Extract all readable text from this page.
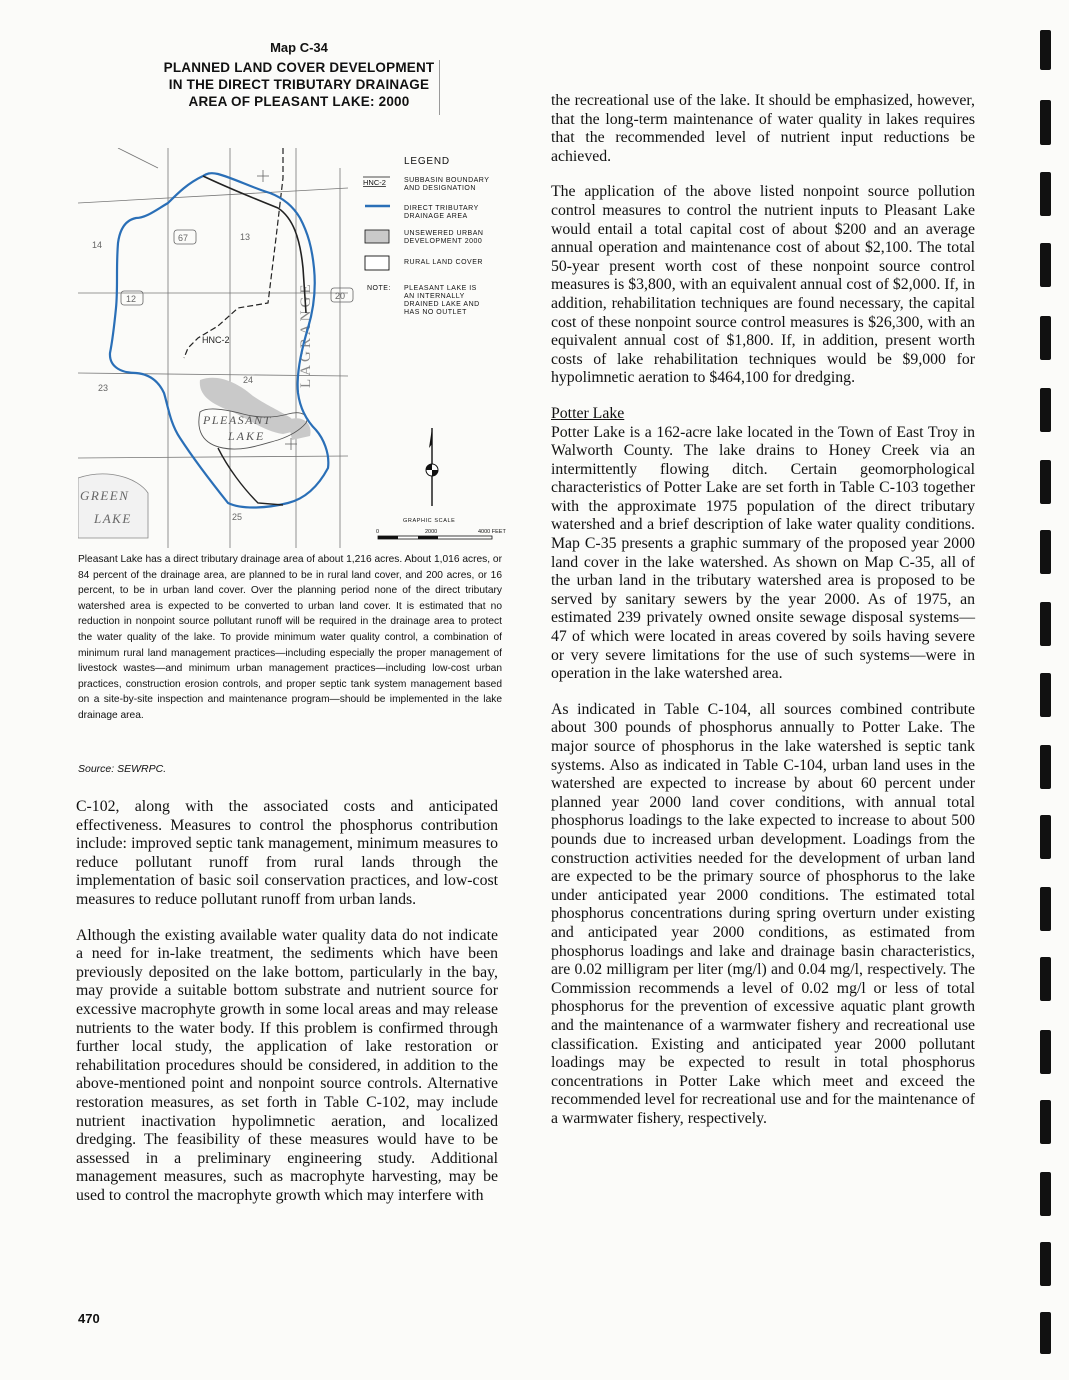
Map C-34
PLANNED LAND COVER DEVELOPMENT
IN THE DIRECT TRIBUTARY DRAINAGE
AREA OF PLEASANT LAKE: 2000
67
12	20
14
13
24
23
25
PLEASANT
LAKE
GREEN
LAKE
LAGRANGE
HNC-2
LEGEND
HNC-2	SUBBASIN BOUNDARY
AND DESIGNATION
DIRECT TRIBUTARY
DRAINAGE AREA
UNSEWERED URBAN
DEVELOPMENT 2000
RURAL LAND COVER
NOTE: PLEASANT LAKE IS
AN INTERNALLY
DRAINED LAKE AND
HAS NO OUTLET
GRAPHIC SCALE
0	2000	4000 FEET
Pleasant Lake has a direct tributary drainage area of about 1,216 acres. About 1,016 acres, or 84 percent of the drainage area, are planned to be in rural land cover, and 200 acres, or 16 percent, to be in urban land cover. Over the planning period none of the direct tributary watershed area is expected to be converted to urban land cover. It is estimated that no reduction in nonpoint source pollutant runoff will be required in the drainage area to protect the water quality of the lake. To provide minimum water quality control, a combination of minimum rural land management practices—including especially the proper management of livestock wastes—and minimum urban management practices—including low-cost urban practices, construction erosion controls, and proper septic tank system management based on a site-by-site inspection and maintenance program—should be implemented in the lake drainage area.
Source: SEWRPC.

C-102, along with the associated costs and anticipated effectiveness. Measures to control the phosphorus contribution include: improved septic tank management, minimum measures to reduce pollutant runoff from rural lands through the implementation of basic soil conservation practices, and low-cost measures to reduce pollutant runoff from urban lands.

Although the existing available water quality data do not indicate a need for in-lake treatment, the sediments which have been previously deposited on the lake bottom, particularly in the bay, may provide a suitable bottom substrate and nutrient source for excessive macrophyte growth in some local areas and may release nutrients to the water body. If this problem is confirmed through further local study, the application of lake restoration or rehabilitation procedures should be considered, in addition to the above-mentioned point and nonpoint source controls. Alternative restoration measures, as set forth in Table C-102, may include nutrient inactivation hypolimnetic aeration, and localized dredging. The feasibility of these measures would have to be assessed in a preliminary engineering study. Additional management measures, such as macrophyte harvesting, may be used to control the macrophyte growth which may interfere with

the recreational use of the lake. It should be emphasized, however, that the long-term maintenance of water quality in lakes requires that the recommended level of nutrient input reductions be achieved.

The application of the above listed nonpoint source pollution control measures to control the nutrient inputs to Pleasant Lake would entail a total capital cost of about $200 and an average annual operation and maintenance cost of about $2,100. The total 50-year present worth cost of these nonpoint source control measures is $3,800, with an equivalent annual cost of $2,000. If, in addition, rehabilitation techniques are found necessary, the capital cost of these nonpoint source control measures is $26,300, with an equivalent annual cost of $1,800. If, in addition, present worth costs of lake rehabilitation techniques would be $9,000 for hypolimnetic aeration to $464,100 for dredging.

Potter Lake

Potter Lake is a 162-acre lake located in the Town of East Troy in Walworth County. The lake drains to Honey Creek via an intermittently flowing ditch. Certain geomorphological characteristics of Potter Lake are set forth in Table C-103 together with the approximate 1975 population of the direct tributary watershed and a brief description of lake water quality conditions. Map C-35 presents a graphic summary of the proposed year 2000 land cover in the lake watershed. As shown on Map C-35, all of the urban land in the tributary watershed area is proposed to be served by sanitary sewers by the year 2000. As of 1975, an estimated 239 privately owned onsite sewage disposal systems—47 of which were located in areas covered by soils having severe or very severe limitations for the use of such systems—were in operation in the lake watershed area.

As indicated in Table C-104, all sources combined contribute about 300 pounds of phosphorus annually to Potter Lake. The major source of phosphorus in the lake watershed is septic tank systems. Also as indicated in Table C-104, urban land uses in the watershed are expected to increase by about 60 percent under planned year 2000 land cover conditions, with annual total phosphorus loadings to the lake expected to increase to about 500 pounds due to increased urban development. Loadings from the construction activities needed for the development of urban land are expected to be the primary source of phosphorus to the lake under anticipated year 2000 conditions. The estimated total phosphorus concentrations during spring overturn under existing and anticipated year 2000 conditions, as estimated from phosphorus loadings and lake and drainage basin characteristics, are 0.02 milligram per liter (mg/l) and 0.04 mg/l, respectively. The Commission recommends a level of 0.02 mg/l or less of total phosphorus for the prevention of excessive aquatic plant growth and the maintenance of a warmwater fishery and recreational use classification. Existing and anticipated year 2000 pollutant loadings may be expected to result in total phosphorus concentrations in Potter Lake which meet and exceed the recommended level for recreational use and for the maintenance of a warmwater fishery, respectively.

470
